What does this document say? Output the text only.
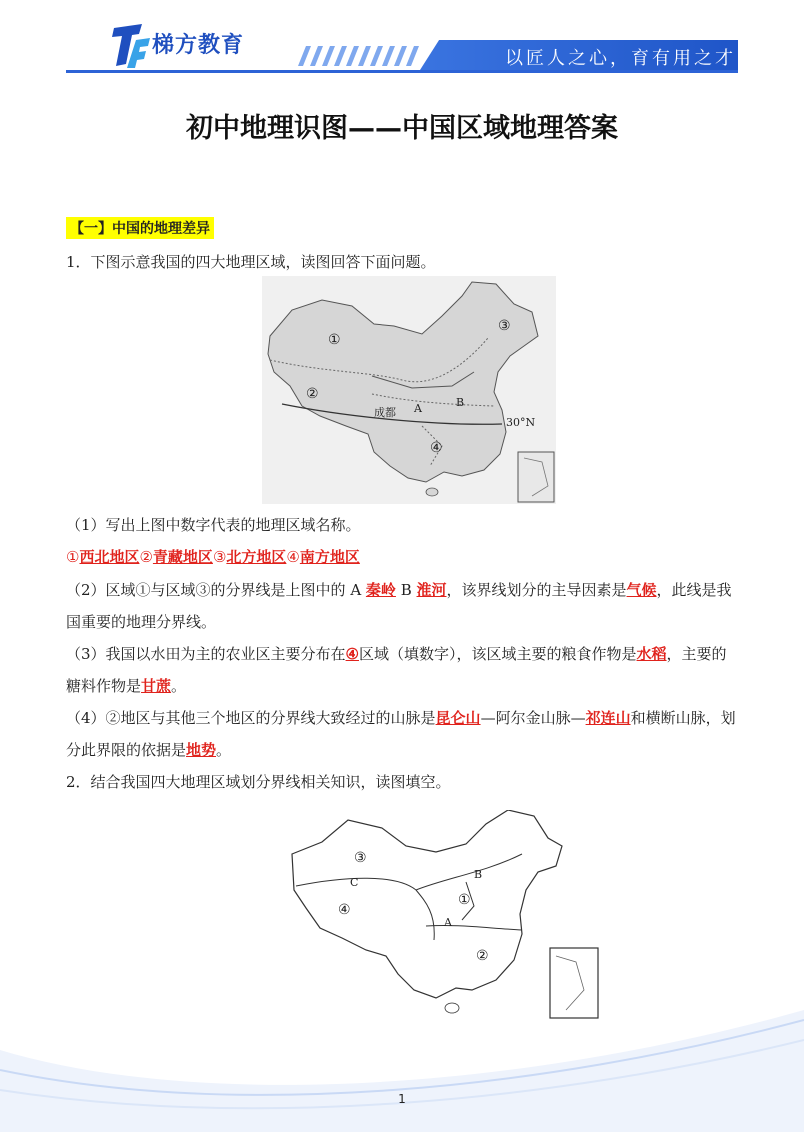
梯方教育
以匠人之心，育有用之才
初中地理识图——中国区域地理答案
【一】中国的地理差异
1．下图示意我国的四大地理区域，读图回答下面问题。
①
②
③
④
成都 A	B
30°N
（1）写出上图中数字代表的地理区域名称。
①西北地区②青藏地区③北方地区④南方地区
（2）区域①与区域③的分界线是上图中的 A 秦岭 B 淮河，该界线划分的主导因素是气候，此线是我国重要的地理分界线。
（3）我国以水田为主的农业区主要分布在④区域（填数字），该区域主要的粮食作物是水稻，主要的糖料作物是甘蔗。
（4）②地区与其他三个地区的分界线大致经过的山脉是昆仑山—阿尔金山脉—祁连山和横断山脉，划分此界限的依据是地势。
2．结合我国四大地理区域划分界线相关知识，读图填空。
①
②
③
④
A
B
C
1
